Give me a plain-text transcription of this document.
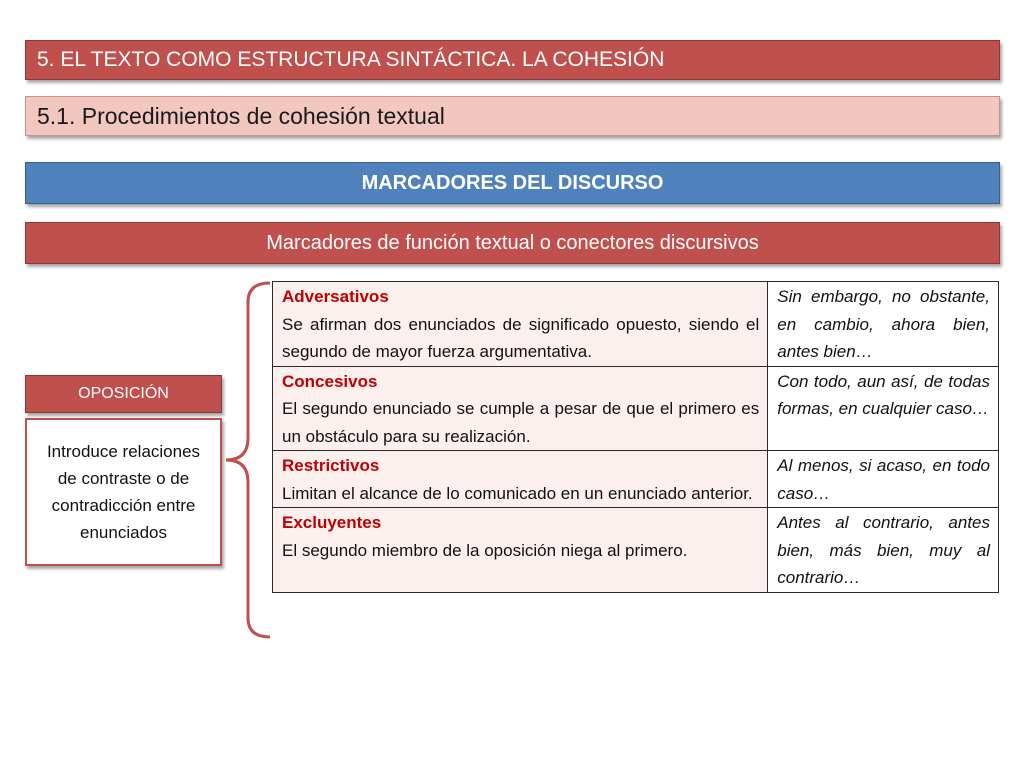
5. EL TEXTO COMO ESTRUCTURA SINTÁCTICA. LA COHESIÓN
5.1. Procedimientos de cohesión textual
MARCADORES DEL DISCURSO
Marcadores de función textual o conectores discursivos
OPOSICIÓN
Introduce relaciones de contraste o de contradicción entre enunciados
Adversativos
Se afirman dos enunciados de significado opuesto, siendo el segundo de mayor fuerza argumentativa.	Sin embargo, no obstante, en cambio, ahora bien, antes bien…

Concesivos
El segundo enunciado se cumple a pesar de que el primero es un obstáculo para su realización.	Con todo, aun así, de todas formas, en cualquier caso…

Restrictivos
Limitan el alcance de lo comunicado en un enunciado anterior.	Al menos, si acaso, en todo caso…

Excluyentes
El segundo miembro de la oposición niega al primero.	Antes al contrario, antes bien, más bien, muy al contrario…
